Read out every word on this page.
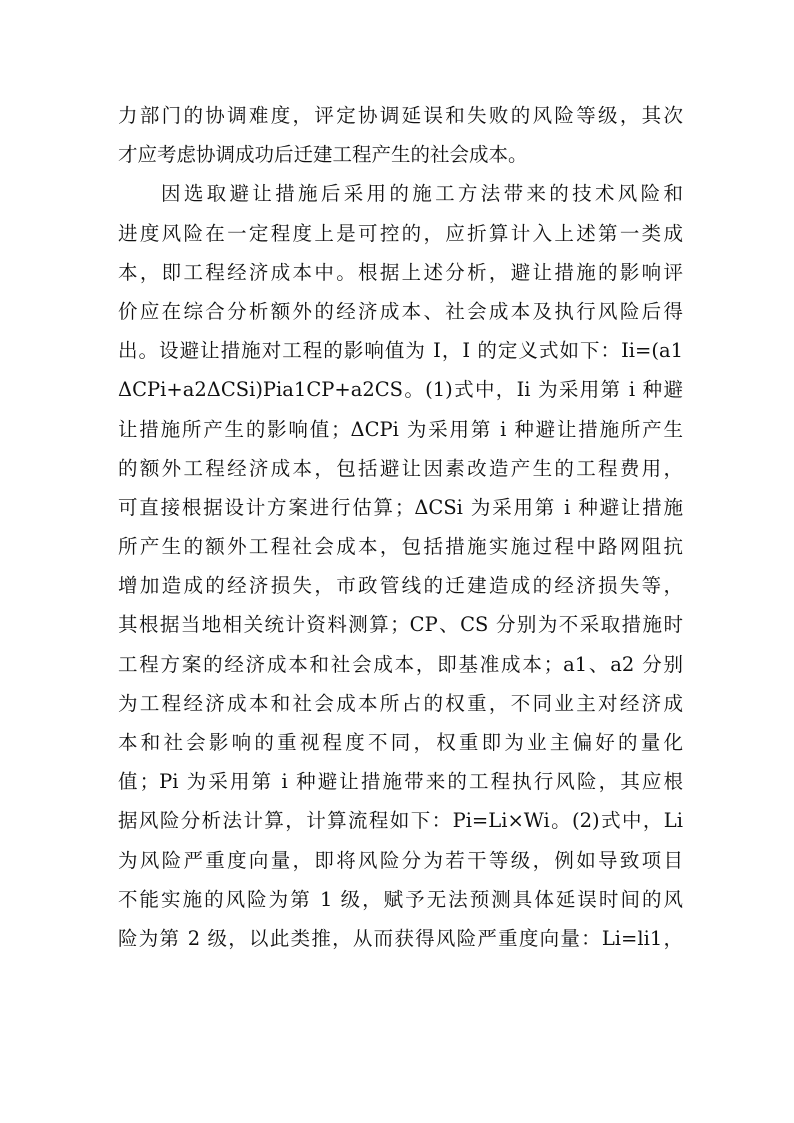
力部门的协调难度，评定协调延误和失败的风险等级，其次
才应考虑协调成功后迁建工程产生的社会成本。
因选取避让措施后采用的施工方法带来的技术风险和
进度风险在一定程度上是可控的，应折算计入上述第一类成
本，即工程经济成本中。根据上述分析，避让措施的影响评
价应在综合分析额外的经济成本、社会成本及执行风险后得
出。设避让措施对工程的影响值为 I，I 的定义式如下：Ii=(a1
ΔCPi+a2ΔCSi)Pia1CP+a2CS。(1)式中，Ii 为采用第 i 种避
让措施所产生的影响值；ΔCPi 为采用第 i 种避让措施所产生
的额外工程经济成本，包括避让因素改造产生的工程费用，
可直接根据设计方案进行估算；ΔCSi 为采用第 i 种避让措施
所产生的额外工程社会成本，包括措施实施过程中路网阻抗
增加造成的经济损失，市政管线的迁建造成的经济损失等，
其根据当地相关统计资料测算；CP、CS 分别为不采取措施时
工程方案的经济成本和社会成本，即基准成本；a1、a2 分别
为工程经济成本和社会成本所占的权重，不同业主对经济成
本和社会影响的重视程度不同，权重即为业主偏好的量化
值；Pi 为采用第 i 种避让措施带来的工程执行风险，其应根
据风险分析法计算，计算流程如下：Pi=Li×Wi。(2)式中，Li
为风险严重度向量，即将风险分为若干等级，例如导致项目
不能实施的风险为第 1 级，赋予无法预测具体延误时间的风
险为第 2 级，以此类推，从而获得风险严重度向量：Li=li1，
